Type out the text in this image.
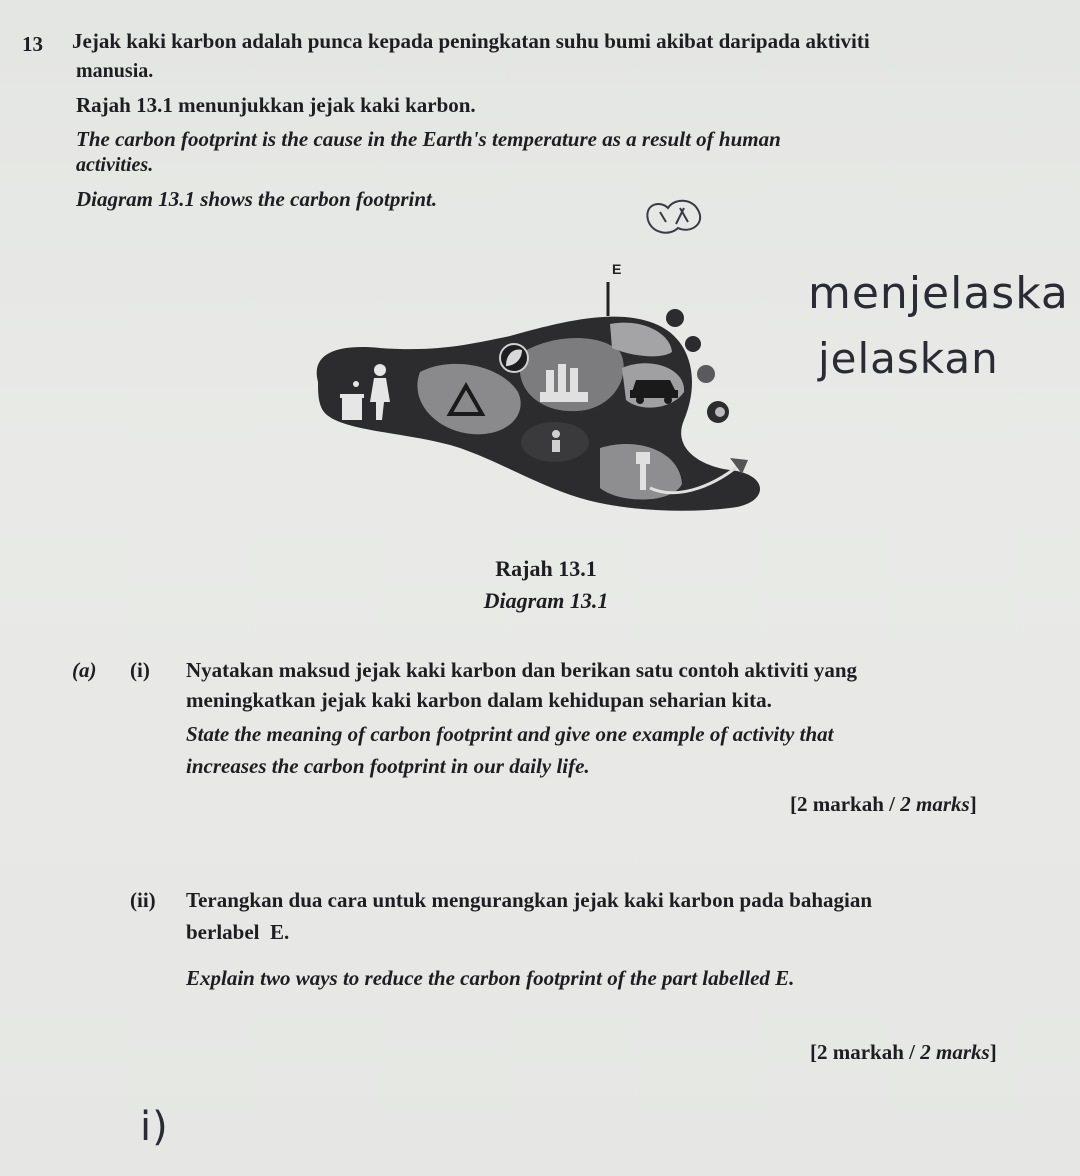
13 Jejak kaki karbon adalah punca kepada peningkatan suhu bumi akibat daripada aktiviti
manusia.
Rajah 13.1 menunjukkan jejak kaki karbon.
The carbon footprint is the cause in the Earth's temperature as a result of human
activities.
Diagram 13.1 shows the carbon footprint.
menjelaska
jelaskan
E
Rajah 13.1
Diagram 13.1
(a) (i) Nyatakan maksud jejak kaki karbon dan berikan satu contoh aktiviti yang
meningkatkan jejak kaki karbon dalam kehidupan seharian kita.
State the meaning of carbon footprint and give one example of activity that
increases the carbon footprint in our daily life.
[2 markah / 2 marks]
(ii) Terangkan dua cara untuk mengurangkan jejak kaki karbon pada bahagian
berlabel  E.
Explain two ways to reduce the carbon footprint of the part labelled E.
[2 markah / 2 marks]
i)
